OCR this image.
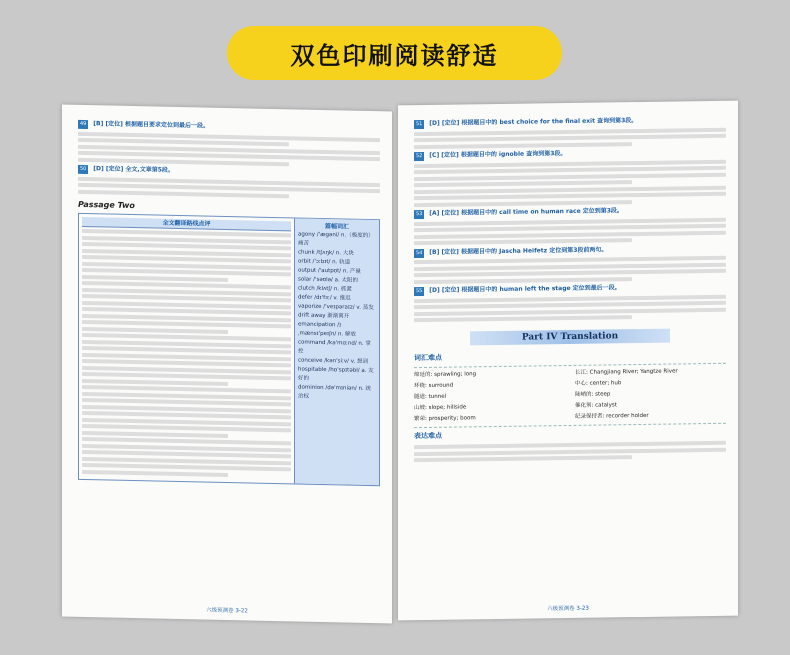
双色印刷阅读舒适
49 [B] [定位] 根据题目要求定位到最后一段。
50 [D] [定位] 全文,文章第5段。
Passage Two
全文翻译路线点评	篇幅词汇
agony /'ægəni/ n.（极度的）痛苦
chunk /tʃʌŋk/ n. 大块
orbit /'ɔːbɪt/ n. 轨道
output /'autpʊt/ n. 产量
solar /'səʊlə/ a. 太阳的
clutch /klʌtʃ/ n. 抓紧
defer /dɪ'fɜː/ v. 推迟
vaporize /'veɪpəraɪz/ v. 蒸发
drift away 渐渐离开
emancipation /ɪˌmænsɪ'peɪʃn/ n. 解放
command /kə'mɑːnd/ n. 掌控
conceive /kən'siːv/ v. 想到
hospitable /hɒ'spɪtəbl/ a. 友好的
dominion /də'mɪniən/ n. 统治权
六级预测卷 3-22
51 [D] [定位] 根据题目中的 best choice for the final exit 查询到第3段。
52 [C] [定位] 根据题目中的 ignoble 查询到第3段。
53 [A] [定位] 根据题目中的 call time on human race 定位到第3段。
54 [B] [定位] 根据题目中的 Jascha Heifetz 定位到第3段前两句。
55 [D] [定位] 根据题目中的 human left the stage 定位到最后一段。
Part IV Translation
词汇难点
绵延的: sprawling; long	长江: Changjiang River; Yangtze River
环绕: surround	中心: center; hub
隧道: tunnel	陡峭的: steep
山坡: slope; hillside	催化剂: catalyst
繁荣: prosperity; boom	纪录保持者: recorder holder
表达难点
六级预测卷 3-23
